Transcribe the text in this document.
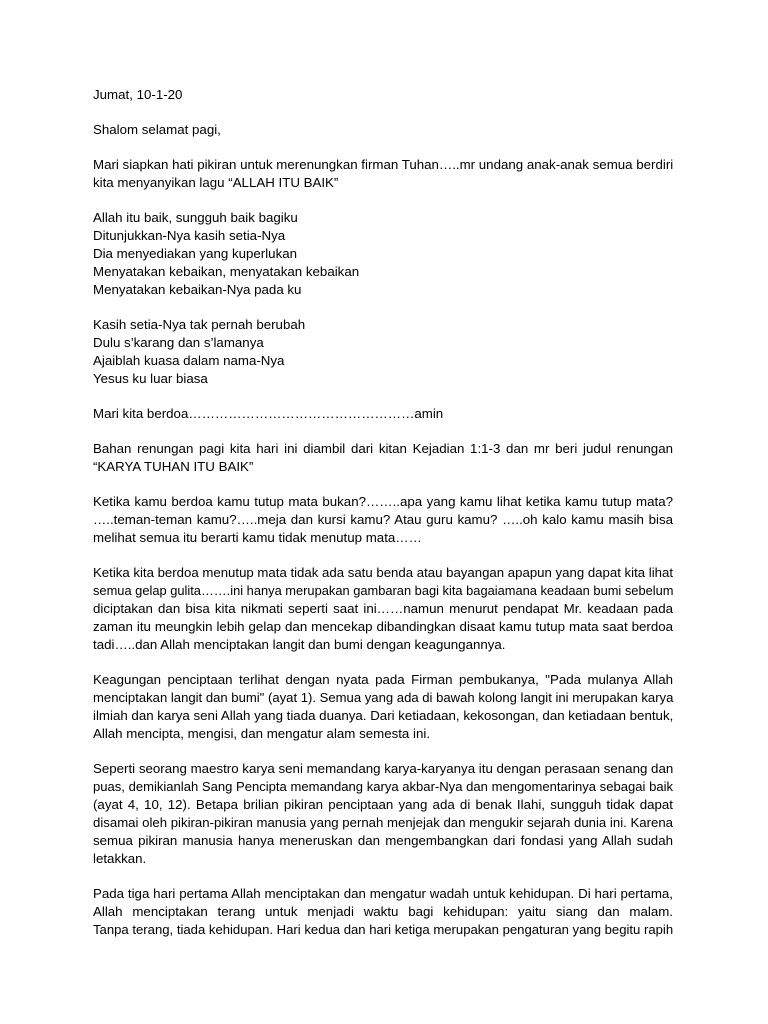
Jumat, 10-1-20

Shalom selamat pagi,

Mari siapkan hati pikiran untuk merenungkan firman Tuhan…..mr undang anak-anak semua berdiri
kita menyanyikan lagu “ALLAH ITU BAIK”

Allah itu baik, sungguh baik bagiku
Ditunjukkan-Nya kasih setia-Nya
Dia menyediakan yang kuperlukan
Menyatakan kebaikan, menyatakan kebaikan
Menyatakan kebaikan-Nya pada ku

Kasih setia-Nya tak pernah berubah
Dulu s’karang dan s’lamanya
Ajaiblah kuasa dalam nama-Nya
Yesus ku luar biasa

Mari kita berdoa……………………………………………amin

Bahan renungan pagi kita hari ini diambil dari kitan Kejadian 1:1-3 dan mr beri judul renungan
“KARYA TUHAN ITU BAIK”

Ketika kamu berdoa kamu tutup mata bukan?……..apa yang kamu lihat ketika kamu tutup mata?
…..teman-teman kamu?…..meja dan kursi kamu? Atau guru kamu? …..oh kalo kamu masih bisa
melihat semua itu berarti kamu tidak menutup mata……

Ketika kita berdoa menutup mata tidak ada satu benda atau bayangan apapun yang dapat kita lihat
semua gelap gulita…….ini hanya merupakan gambaran bagi kita bagaiamana keadaan bumi sebelum
diciptakan dan bisa kita nikmati seperti saat ini……namun menurut pendapat Mr. keadaan pada
zaman itu meungkin lebih gelap dan mencekap dibandingkan disaat kamu tutup mata saat berdoa
tadi…..dan Allah menciptakan langit dan bumi dengan keagungannya.

Keagungan penciptaan terlihat dengan nyata pada Firman pembukanya, "Pada mulanya Allah
menciptakan langit dan bumi" (ayat 1). Semua yang ada di bawah kolong langit ini merupakan karya
ilmiah dan karya seni Allah yang tiada duanya. Dari ketiadaan, kekosongan, dan ketiadaan bentuk,
Allah mencipta, mengisi, dan mengatur alam semesta ini.

Seperti seorang maestro karya seni memandang karya-karyanya itu dengan perasaan senang dan
puas, demikianlah Sang Pencipta memandang karya akbar-Nya dan mengomentarinya sebagai baik
(ayat 4, 10, 12). Betapa brilian pikiran penciptaan yang ada di benak Ilahi, sungguh tidak dapat
disamai oleh pikiran-pikiran manusia yang pernah menjejak dan mengukir sejarah dunia ini. Karena
semua pikiran manusia hanya meneruskan dan mengembangkan dari fondasi yang Allah sudah
letakkan.

Pada tiga hari pertama Allah menciptakan dan mengatur wadah untuk kehidupan. Di hari pertama,
Allah menciptakan terang untuk menjadi waktu bagi kehidupan: yaitu siang dan malam.
Tanpa terang, tiada kehidupan. Hari kedua dan hari ketiga merupakan pengaturan yang begitu rapih
